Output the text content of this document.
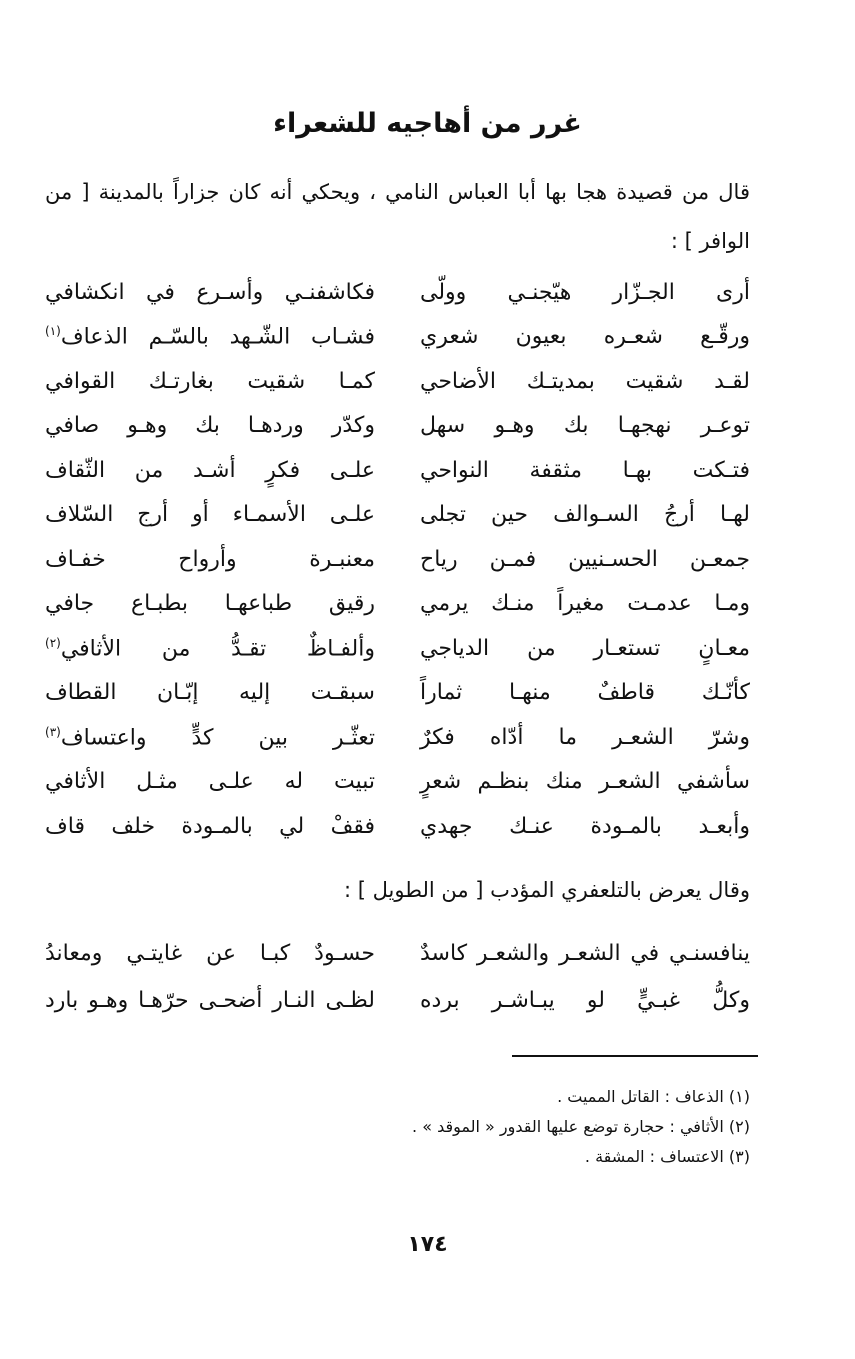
غرر من أهاجيه للشعراء
قال من قصيدة هجا بها أبا العباس النامي ، ويحكي أنه كان جزاراً بالمدينة [ من الوافر ] :
أرى الجـزّار هيّجنـي وولّى
فكاشفنـي وأسـرع في انكشافي
ورقّـع شعـره بعيون شعري
فشـاب الشّـهد بالسّـم الذعاف$^{(١)}$
لقـد شقيت بمديتـك الأضاحي
كمـا شقيت بغارتـك القوافي
توعـر نهجهـا بك وهـو سهل
وكدّر وردهـا بك وهـو صافي
فتـكت بهـا مثقفة النواحي
علـى فكرٍ أشـد من الثّقاف
لهـا أرجُ السـوالف حين تجلى
علـى الأسمـاء أو أرج السّلاف
جمعـن الحسـنيين فمـن رياح
معنبـرة وأرواح خفـاف
ومـا عدمـت مغيراً منـك يرمي
رقيق طباعهـا بطبـاع جافي
معـانٍ تستعـار من الدياجي
وألفـاظٌ تقـدُّ من الأثافي$^{(٢)}$
كأنّـك قاطفٌ منهـا ثماراً
سبقـت إليه إبّـان القطاف
وشرّ الشعـر ما أدّاه فكرٌ
تعثّـر بين كدٍّ واعتساف$^{(٣)}$
سأشفي الشعـر منك بنظـم شعرٍ
تبيت له علـى مثـل الأثافي
وأبعـد بالمـودة عنـك جهدي
فقفْ لي بالمـودة خلف قاف
وقال يعرض بالتلعفري المؤدب [ من الطويل ] :
ينافسنـي في الشعـر والشعـر كاسدٌ
حسـودٌ كبـا عن غايتـي ومعاندُ
وكلُّ غبـيٍّ لو يبـاشـر برده
لظـى النـار أضحـى حرّهـا وهـو بارد
(١) الذعاف : القاتل المميت .
(٢) الأثافي : حجارة توضع عليها القدور « الموقد » .
(٣) الاعتساف : المشقة .
١٧٤
